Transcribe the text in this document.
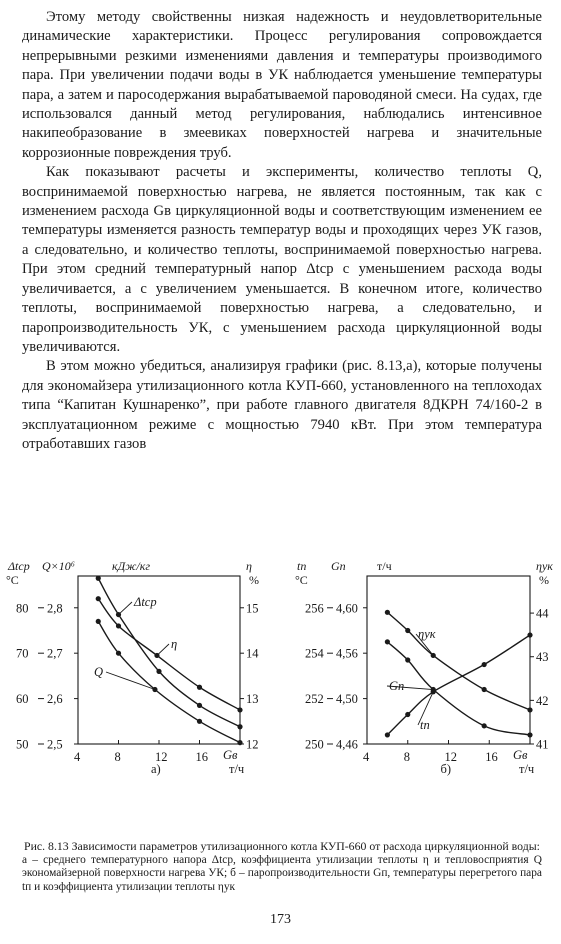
Этому методу свойственны низкая надежность и неудовлетворительные динамические характеристики. Процесс регулирования сопровождается непрерывными резкими изменениями давления и температуры производимого пара. При увеличении подачи воды в УК наблюдается уменьшение температуры пара, а затем и паросодержания вырабатываемой пароводяной смеси. На судах, где использовался данный метод регулирования, наблюдались интенсивное накипеобразование в змеевиках поверхностей нагрева и значительные коррозионные повреждения труб.

Как показывают расчеты и эксперименты, количество теплоты Q, воспринимаемой поверхностью нагрева, не является постоянным, так как с изменением расхода Gв циркуляционной воды и соответствующим изменением ее температуры изменяется разность температур воды и проходящих через УК газов, а следовательно, и количество теплоты, воспринимаемой поверхностью нагрева. При этом средний температурный напор Δtср с уменьшением расхода воды увеличивается, а с увеличением уменьшается. В конечном итоге, количество теплоты, воспринимаемой поверхностью нагрева, а следовательно, и паропроизводительность УК, с уменьшением расхода циркуляционной воды увеличиваются.

В этом можно убедиться, анализируя графики (рис. 8.13,а), которые получены для экономайзера утилизационного котла КУП-660, установленного на теплоходах типа “Капитан Кушнаренко”, при работе главного двигателя 8ДКРН 74/160-2 в эксплуатационном режиме с мощностью 7940 кВт. При этом температура отработавших газов

50
60
70
80
2,5
2,6
2,7
2,8
12
13
14
15
4	8	12 16 Gв
т/ч
Δtср
°C
Q×10⁶	кДж/кг	η
%
Δtср
η
Q
а)
250
252
254
256
4,46
4,50
4,56
4,60
41
42
43
44
4	8	12 16 Gв
т/ч
tп
°C
Gп	т/ч	ηук
%
ηук
Gп
tп
б)
Рис. 8.13 Зависимости параметров утилизационного котла КУП-660 от расхода циркуляционной воды:
а – среднего температурного напора Δtср, коэффициента утилизации теплоты η и тепловосприятия Q экономайзерной поверхности нагрева УК; б – паропроизводительности Gп, температуры перегретого пара tп и коэффициента утилизации теплоты ηук
173
